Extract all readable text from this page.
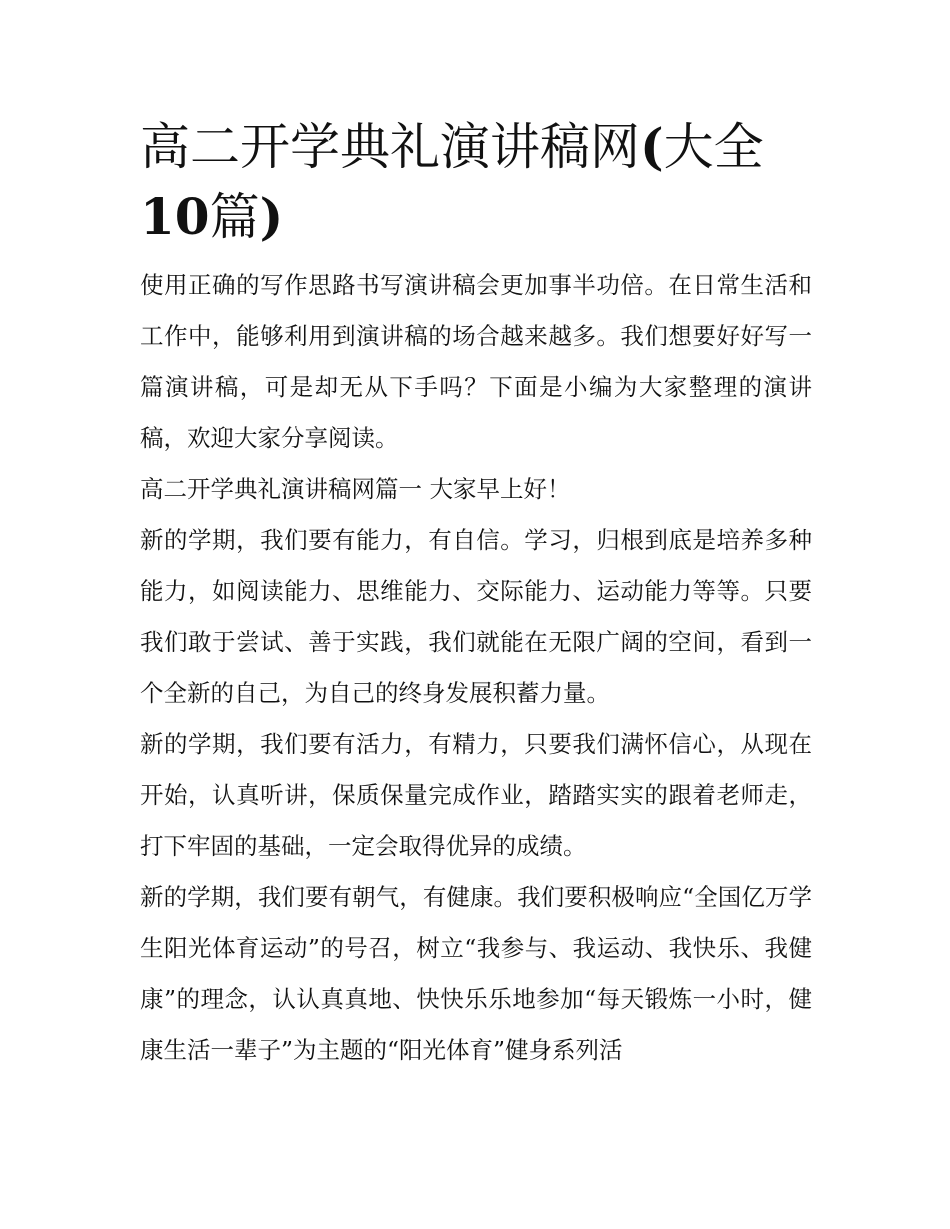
高二开学典礼演讲稿网(大全10篇)

使用正确的写作思路书写演讲稿会更加事半功倍。在日常生活和工作中，能够利用到演讲稿的场合越来越多。我们想要好好写一篇演讲稿，可是却无从下手吗？下面是小编为大家整理的演讲稿，欢迎大家分享阅读。

高二开学典礼演讲稿网篇一 大家早上好！

新的学期，我们要有能力，有自信。学习，归根到底是培养多种能力，如阅读能力、思维能力、交际能力、运动能力等等。只要我们敢于尝试、善于实践，我们就能在无限广阔的空间，看到一个全新的自己，为自己的终身发展积蓄力量。

新的学期，我们要有活力，有精力，只要我们满怀信心，从现在开始，认真听讲，保质保量完成作业，踏踏实实的跟着老师走，打下牢固的基础，一定会取得优异的成绩。

新的学期，我们要有朝气，有健康。我们要积极响应“全国亿万学生阳光体育运动”的号召，树立“我参与、我运动、我快乐、我健康”的理念，认认真真地、快快乐乐地参加“每天锻炼一小时，健康生活一辈子”为主题的“阳光体育”健身系列活
